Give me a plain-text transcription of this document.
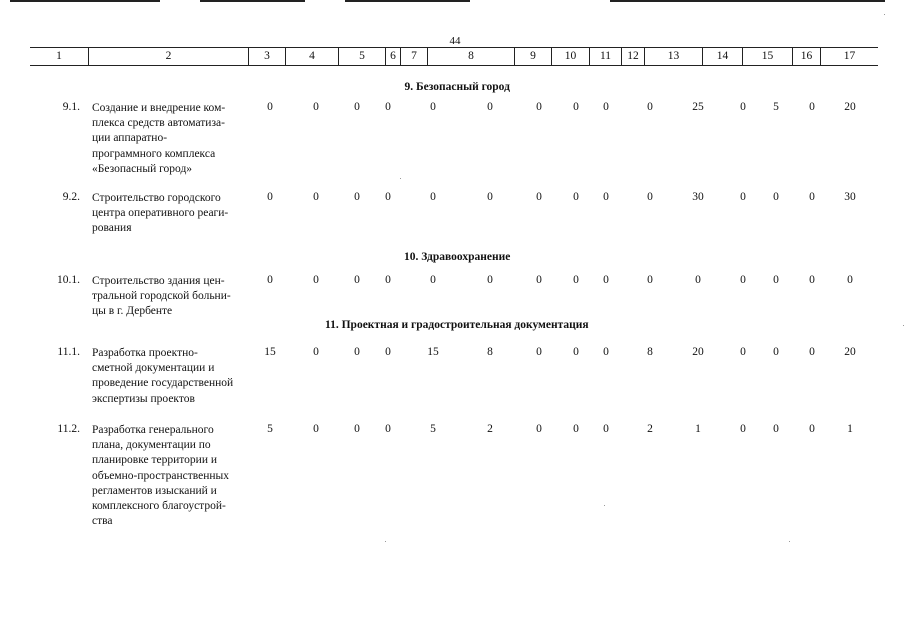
44
1	2	3	4	5	6	7	8	9	10	11	12	13	14	15	16	17
9. Безопасный город
9.1. Создание и внедрение ком-
плекса средств автоматиза-
ции аппаратно-
программного комплекса
«Безопасный город»
0	0	0	0	0	0	0	0	0	0	25	0	5	0	20
9.2. Строительство городского
центра оперативного реаги-
рования
0	0	0	0	0	0	0	0	0	0	30	0	0	0	30
10. Здравоохранение
10.1. Строительство здания цен-
тральной городской больни-
цы в г. Дербенте
0	0	0	0	0	0	0	0	0	0	0	0	0	0	0
11. Проектная и градостроительная документация
11.1. Разработка проектно-
сметной документации и
проведение государственной
экспертизы проектов
15	0	0	0	15	8	0	0	0	8	20	0	0	0	20
11.2. Разработка генерального
плана, документации по
планировке территории и
объемно-пространственных
регламентов изысканий и
комплексного благоустрой-
ства
5	0	0	0	5	2	0	0	0	2	1	0	0	0	1
